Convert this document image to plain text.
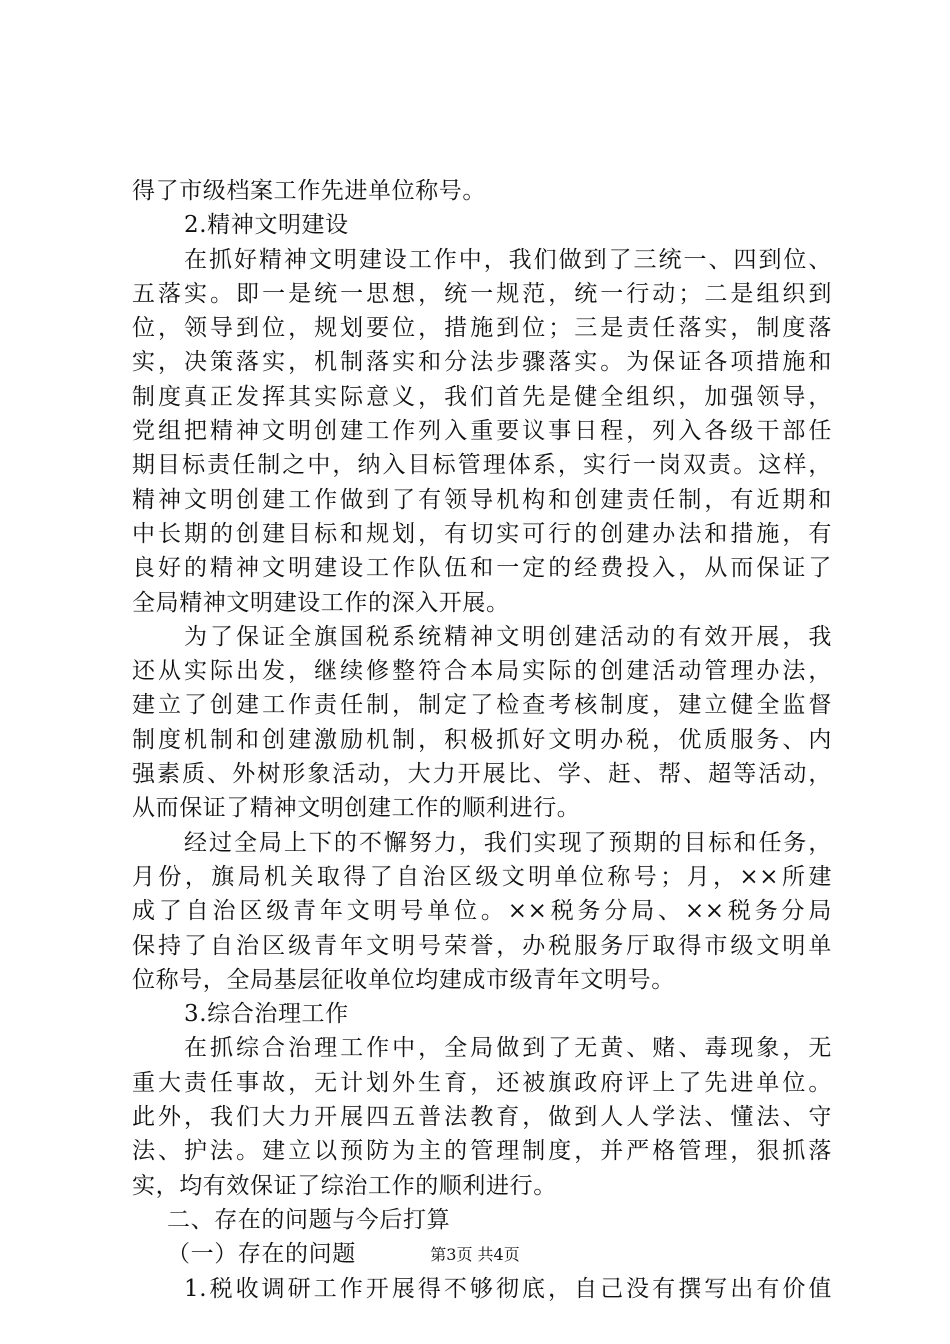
得了市级档案工作先进单位称号。
2.精神文明建设
在抓好精神文明建设工作中，我们做到了三统一、四到位、
五落实。即一是统一思想，统一规范，统一行动；二是组织到
位，领导到位，规划要位，措施到位；三是责任落实，制度落
实，决策落实，机制落实和分法步骤落实。为保证各项措施和
制度真正发挥其实际意义，我们首先是健全组织，加强领导，
党组把精神文明创建工作列入重要议事日程，列入各级干部任
期目标责任制之中，纳入目标管理体系，实行一岗双责。这样，
精神文明创建工作做到了有领导机构和创建责任制，有近期和
中长期的创建目标和规划，有切实可行的创建办法和措施，有
良好的精神文明建设工作队伍和一定的经费投入，从而保证了
全局精神文明建设工作的深入开展。
为了保证全旗国税系统精神文明创建活动的有效开展，我
还从实际出发，继续修整符合本局实际的创建活动管理办法，
建立了创建工作责任制，制定了检查考核制度，建立健全监督
制度机制和创建激励机制，积极抓好文明办税，优质服务、内
强素质、外树形象活动，大力开展比、学、赶、帮、超等活动，
从而保证了精神文明创建工作的顺利进行。
经过全局上下的不懈努力，我们实现了预期的目标和任务，
月份，旗局机关取得了自治区级文明单位称号；月，××所建
成了自治区级青年文明号单位。××税务分局、××税务分局
保持了自治区级青年文明号荣誉，办税服务厅取得市级文明单
位称号，全局基层征收单位均建成市级青年文明号。
3.综合治理工作
在抓综合治理工作中，全局做到了无黄、赌、毒现象，无
重大责任事故，无计划外生育，还被旗政府评上了先进单位。
此外，我们大力开展四五普法教育，做到人人学法、懂法、守
法、护法。建立以预防为主的管理制度，并严格管理，狠抓落
实，均有效保证了综治工作的顺利进行。
二、存在的问题与今后打算
（一）存在的问题
1.税收调研工作开展得不够彻底，自己没有撰写出有价值
第3页 共4页
